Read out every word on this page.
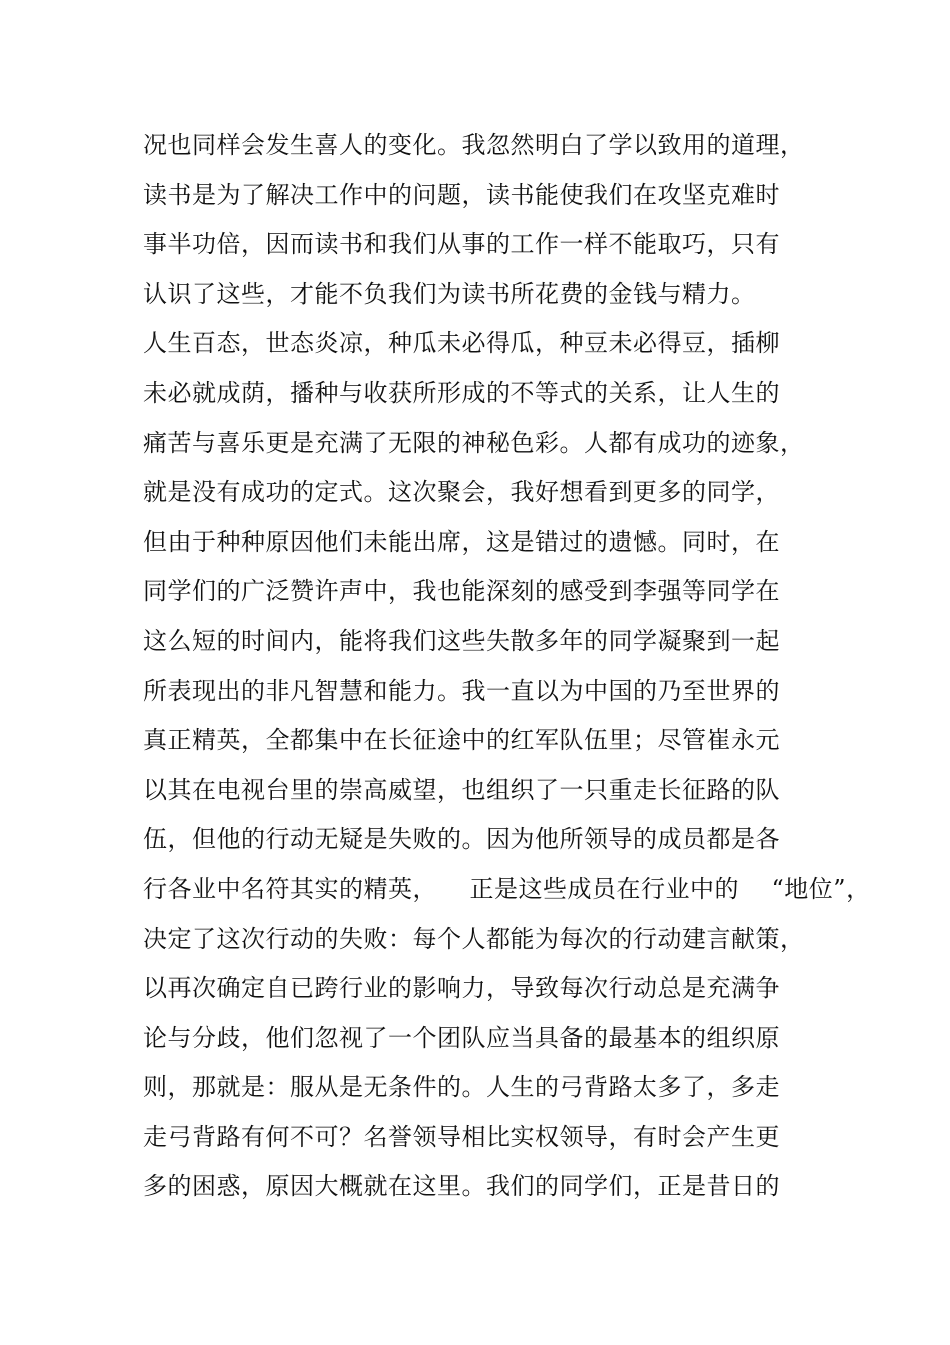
况也同样会发生喜人的变化。我忽然明白了学以致用的道理，
读书是为了解决工作中的问题，读书能使我们在攻坚克难时
事半功倍，因而读书和我们从事的工作一样不能取巧，只有
认识了这些，才能不负我们为读书所花费的金钱与精力。
人生百态，世态炎凉，种瓜未必得瓜，种豆未必得豆，插柳
未必就成荫，播种与收获所形成的不等式的关系，让人生的
痛苦与喜乐更是充满了无限的神秘色彩。人都有成功的迹象，
就是没有成功的定式。这次聚会，我好想看到更多的同学，
但由于种种原因他们未能出席，这是错过的遗憾。同时，在
同学们的广泛赞许声中，我也能深刻的感受到李强等同学在
这么短的时间内，能将我们这些失散多年的同学凝聚到一起
所表现出的非凡智慧和能力。我一直以为中国的乃至世界的
真正精英，全都集中在长征途中的红军队伍里；尽管崔永元
以其在电视台里的崇高威望，也组织了一只重走长征路的队
伍，但他的行动无疑是失败的。因为他所领导的成员都是各
行各业中名符其实的精英，    正是这些成员在行业中的    “地位”，
决定了这次行动的失败：每个人都能为每次的行动建言献策，
以再次确定自已跨行业的影响力，导致每次行动总是充满争
论与分歧，他们忽视了一个团队应当具备的最基本的组织原
则，那就是：服从是无条件的。人生的弓背路太多了，多走
走弓背路有何不可？名誉领导相比实权领导，有时会产生更
多的困惑，原因大概就在这里。我们的同学们，正是昔日的
